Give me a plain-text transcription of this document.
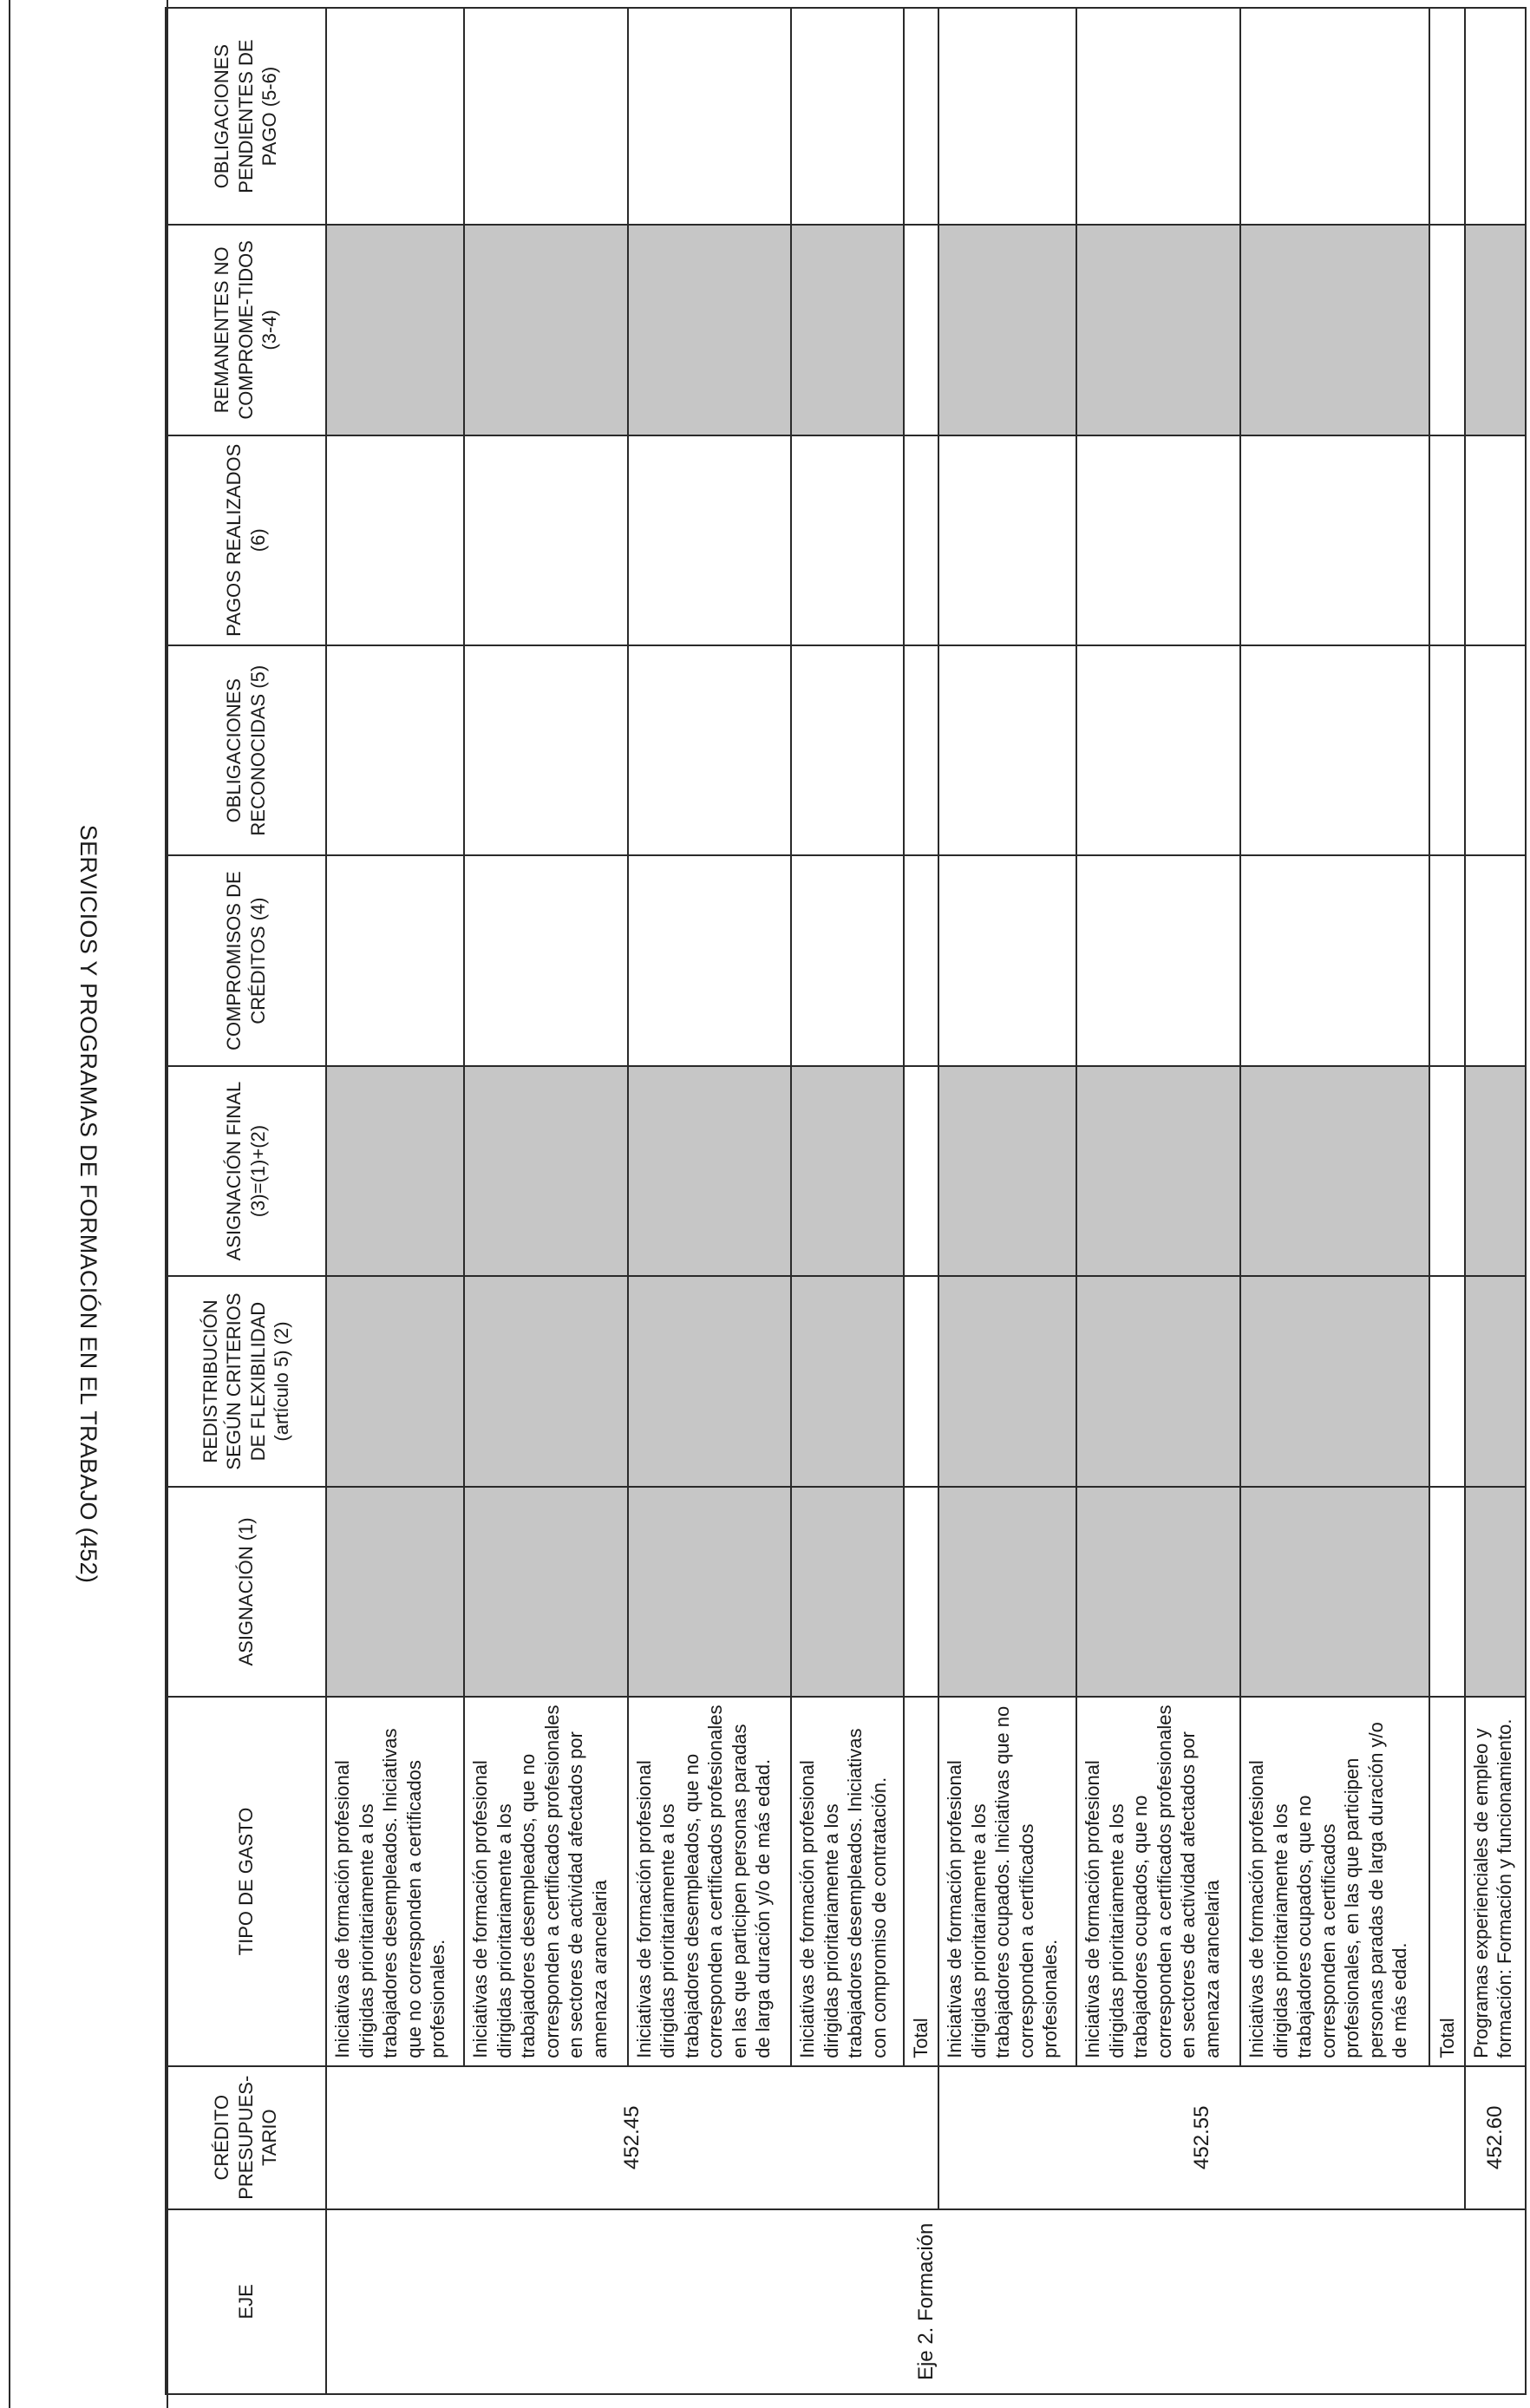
SERVICIOS Y PROGRAMAS DE FORMACIÓN EN EL TRABAJO (452)
EJE	CRÉDITO PRESUPUES-TARIO	TIPO DE GASTO	ASIGNACIÓN (1)	REDISTRIBUCIÓN SEGÚN CRITERIOS DE FLEXIBILIDAD (artículo 5) (2)	ASIGNACIÓN FINAL (3)=(1)+(2)	COMPROMISOS DE CRÉDITOS (4)	OBLIGACIONES RECONOCIDAS (5)	PAGOS REALIZADOS (6)	REMANENTES NO COMPROME-TIDOS (3-4)	OBLIGACIONES PENDIENTES DE PAGO (5-6)
Eje 2. Formación	452.45	Iniciativas de formación profesional dirigidas prioritariamente a los trabajadores desempleados. Iniciativas que no corresponden a certificados profesionales.								
		Iniciativas de formación profesional dirigidas prioritariamente a los trabajadores desempleados, que no corresponden a certificados profesionales en sectores de actividad afectados por amenaza arancelaria								
		Iniciativas de formación profesional dirigidas prioritariamente a los trabajadores desempleados, que no corresponden a certificados profesionales en las que participen personas paradas de larga duración y/o de más edad.								
		Iniciativas de formación profesional dirigidas prioritariamente a los trabajadores desempleados. Iniciativas con compromiso de contratación.								
		Total								
	452.55	Iniciativas de formación profesional dirigidas prioritariamente a los trabajadores ocupados. Iniciativas que no corresponden a certificados profesionales.								
		Iniciativas de formación profesional dirigidas prioritariamente a los trabajadores ocupados, que no corresponden a certificados profesionales en sectores de actividad afectados por amenaza arancelaria								
		Iniciativas de formación profesional dirigidas prioritariamente a los trabajadores ocupados, que no corresponden a certificados profesionales, en las que participen personas paradas de larga duración y/o de más edad.								
		Total								
	452.60	Programas experienciales de empleo y formación: Formación y funcionamiento.								
